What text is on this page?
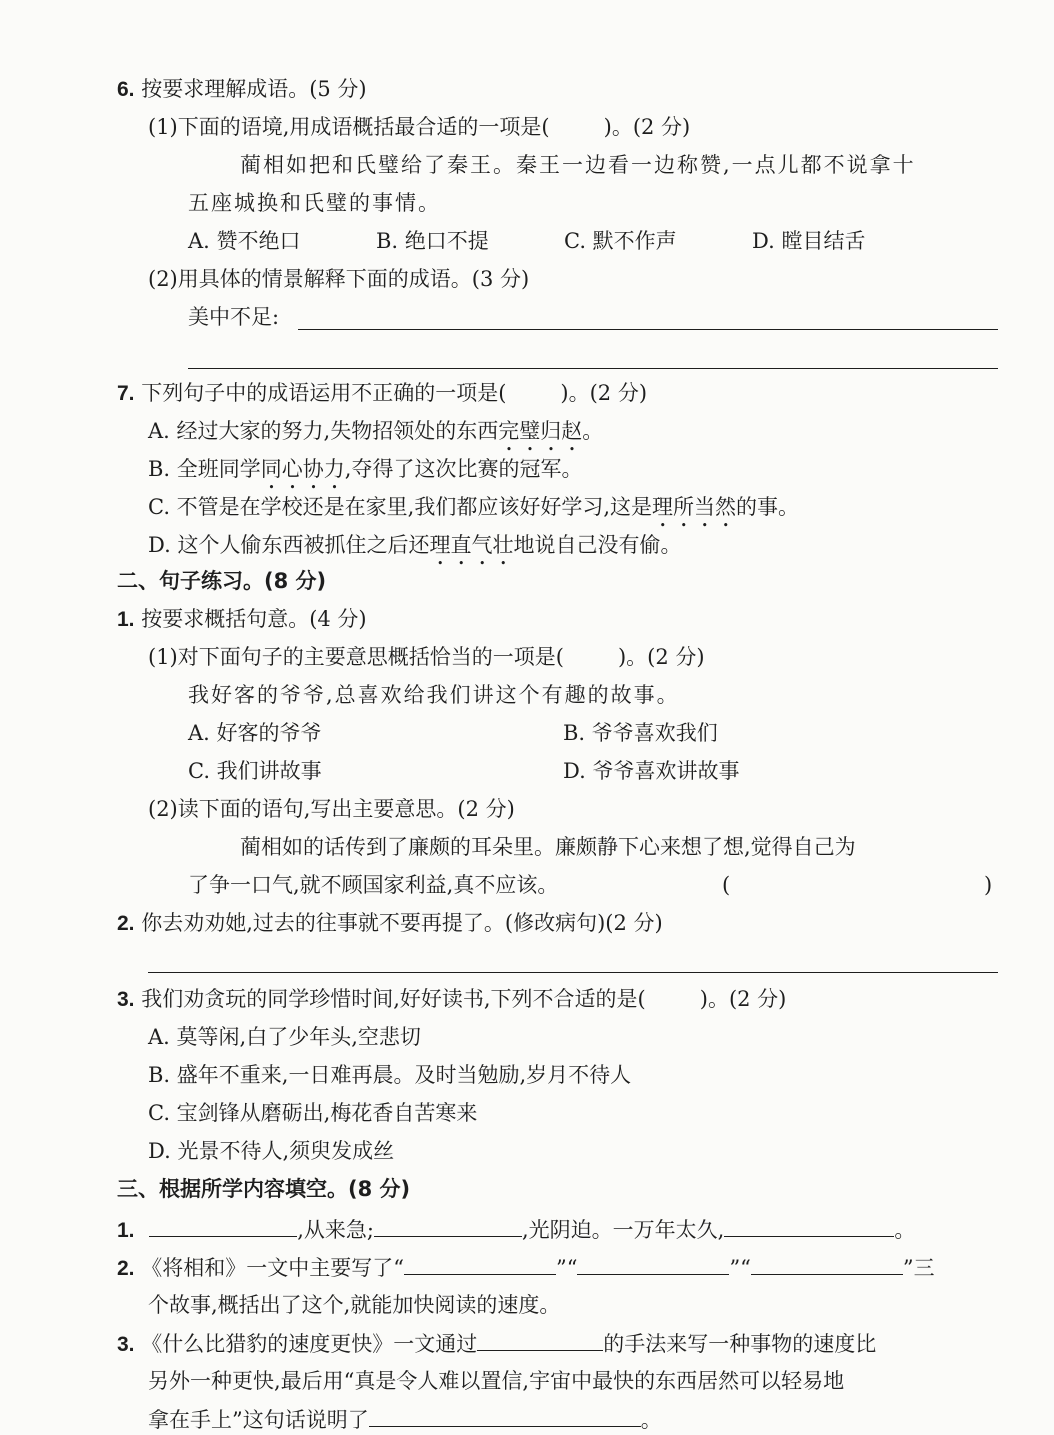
6. 按要求理解成语。(5 分)
(1)下面的语境,用成语概括最合适的一项是(	)。(2 分)
蔺相如把和氏璧给了秦王。秦王一边看一边称赞,一点儿都不说拿十
五座城换和氏璧的事情。
A. 赞不绝口	B. 绝口不提	C. 默不作声	D. 瞠目结舌
(2)用具体的情景解释下面的成语。(3 分)
美中不足:
7. 下列句子中的成语运用不正确的一项是(	)。(2 分)
A. 经过大家的努力,失物招领处的东西完璧归赵。
B. 全班同学同心协力,夺得了这次比赛的冠军。
C. 不管是在学校还是在家里,我们都应该好好学习,这是理所当然的事。
D. 这个人偷东西被抓住之后还理直气壮地说自己没有偷。
二、句子练习。(8 分)
1. 按要求概括句意。(4 分)
(1)对下面句子的主要意思概括恰当的一项是(	)。(2 分)
我好客的爷爷,总喜欢给我们讲这个有趣的故事。
A. 好客的爷爷	B. 爷爷喜欢我们
C. 我们讲故事	D. 爷爷喜欢讲故事
(2)读下面的语句,写出主要意思。(2 分)
蔺相如的话传到了廉颇的耳朵里。廉颇静下心来想了想,觉得自己为
了争一口气,就不顾国家利益,真不应该。	(	)
2. 你去劝劝她,过去的往事就不要再提了。(修改病句)(2 分)
3. 我们劝贪玩的同学珍惜时间,好好读书,下列不合适的是(	)。(2 分)
A. 莫等闲,白了少年头,空悲切
B. 盛年不重来,一日难再晨。及时当勉励,岁月不待人
C. 宝剑锋从磨砺出,梅花香自苦寒来
D. 光景不待人,须臾发成丝
三、根据所学内容填空。(8 分)
1.	,从来急;	,光阴迫。一万年太久,	。
2. 《将相和》一文中主要写了“	”“	”“	”三
个故事,概括出了这个,就能加快阅读的速度。
3. 《什么比猎豹的速度更快》一文通过	的手法来写一种事物的速度比
另外一种更快,最后用“真是令人难以置信,宇宙中最快的东西居然可以轻易地
拿在手上”这句话说明了	。
